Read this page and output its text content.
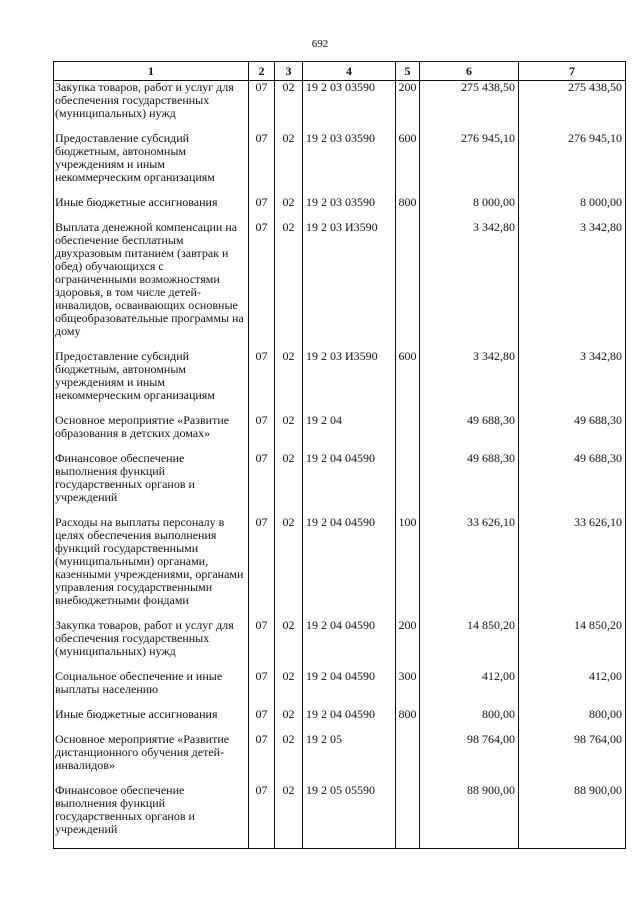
692
1	2	3	4	5	6	7
Закупка товаров, работ и услуг для обеспечения государственных (муниципальных) нужд	07	02	19 2 03 03590	200	275 438,50	275 438,50
Предоставление субсидий бюджетным, автономным учреждениям и иным некоммерческим организациям	07	02	19 2 03 03590	600	276 945,10	276 945,10
Иные бюджетные ассигнования	07	02	19 2 03 03590	800	8 000,00	8 000,00
Выплата денежной компенсации на обеспечение бесплатным двухразовым питанием (завтрак и обед) обучающихся с ограниченными возможностями здоровья, в том числе детей-инвалидов, осваивающих основные общеобразовательные программы на дому	07	02	19 2 03 И3590		3 342,80	3 342,80
Предоставление субсидий бюджетным, автономным учреждениям и иным некоммерческим организациям	07	02	19 2 03 И3590	600	3 342,80	3 342,80
Основное мероприятие «Развитие образования в детских домах»	07	02	19 2 04		49 688,30	49 688,30
Финансовое обеспечение выполнения функций государственных органов и учреждений	07	02	19 2 04 04590		49 688,30	49 688,30
Расходы на выплаты персоналу в целях обеспечения выполнения функций государственными (муниципальными) органами, казенными учреждениями, органами управления государственными внебюджетными фондами	07	02	19 2 04 04590	100	33 626,10	33 626,10
Закупка товаров, работ и услуг для обеспечения государственных (муниципальных) нужд	07	02	19 2 04 04590	200	14 850,20	14 850,20
Социальное обеспечение и иные выплаты населению	07	02	19 2 04 04590	300	412,00	412,00
Иные бюджетные ассигнования	07	02	19 2 04 04590	800	800,00	800,00
Основное мероприятие «Развитие дистанционного обучения детей-инвалидов»	07	02	19 2 05		98 764,00	98 764,00
Финансовое обеспечение выполнения функций государственных органов и учреждений	07	02	19 2 05 05590		88 900,00	88 900,00
